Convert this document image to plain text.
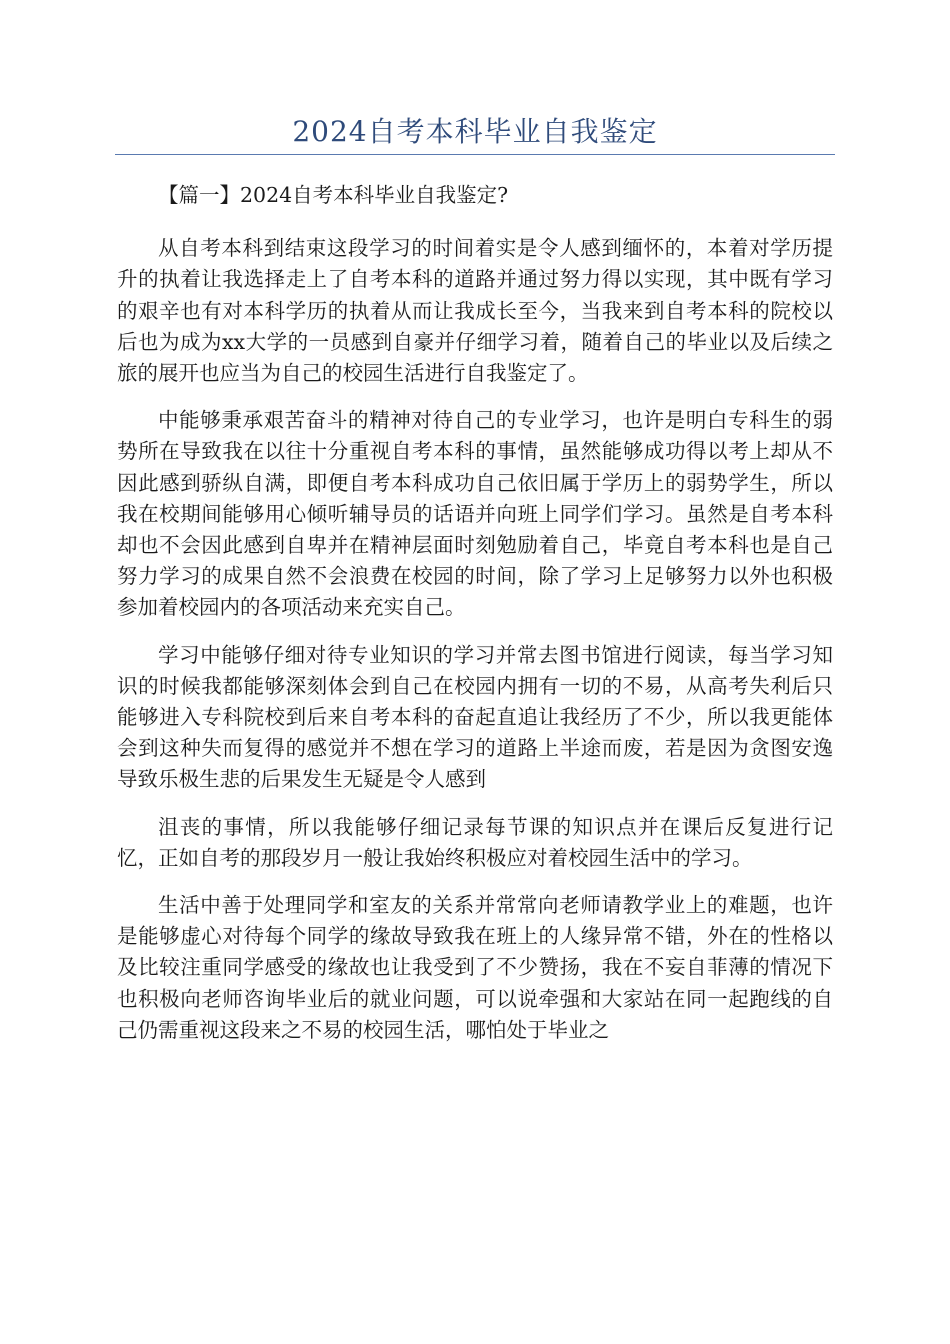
2024自考本科毕业自我鉴定

【篇一】2024自考本科毕业自我鉴定?

从自考本科到结束这段学习的时间着实是令人感到缅怀的，本着对学历提升的执着让我选择走上了自考本科的道路并通过努力得以实现，其中既有学习的艰辛也有对本科学历的执着从而让我成长至今，当我来到自考本科的院校以后也为成为xx大学的一员感到自豪并仔细学习着，随着自己的毕业以及后续之旅的展开也应当为自己的校园生活进行自我鉴定了。

中能够秉承艰苦奋斗的精神对待自己的专业学习，也许是明白专科生的弱势所在导致我在以往十分重视自考本科的事情，虽然能够成功得以考上却从不因此感到骄纵自满，即便自考本科成功自己依旧属于学历上的弱势学生，所以我在校期间能够用心倾听辅导员的话语并向班上同学们学习。虽然是自考本科却也不会因此感到自卑并在精神层面时刻勉励着自己，毕竟自考本科也是自己努力学习的成果自然不会浪费在校园的时间，除了学习上足够努力以外也积极参加着校园内的各项活动来充实自己。

学习中能够仔细对待专业知识的学习并常去图书馆进行阅读，每当学习知识的时候我都能够深刻体会到自己在校园内拥有一切的不易，从高考失利后只能够进入专科院校到后来自考本科的奋起直追让我经历了不少，所以我更能体会到这种失而复得的感觉并不想在学习的道路上半途而废，若是因为贪图安逸导致乐极生悲的后果发生无疑是令人感到

沮丧的事情，所以我能够仔细记录每节课的知识点并在课后反复进行记忆，正如自考的那段岁月一般让我始终积极应对着校园生活中的学习。

生活中善于处理同学和室友的关系并常常向老师请教学业上的难题，也许是能够虚心对待每个同学的缘故导致我在班上的人缘异常不错，外在的性格以及比较注重同学感受的缘故也让我受到了不少赞扬，我在不妄自菲薄的情况下也积极向老师咨询毕业后的就业问题，可以说牵强和大家站在同一起跑线的自己仍需重视这段来之不易的校园生活，哪怕处于毕业之
